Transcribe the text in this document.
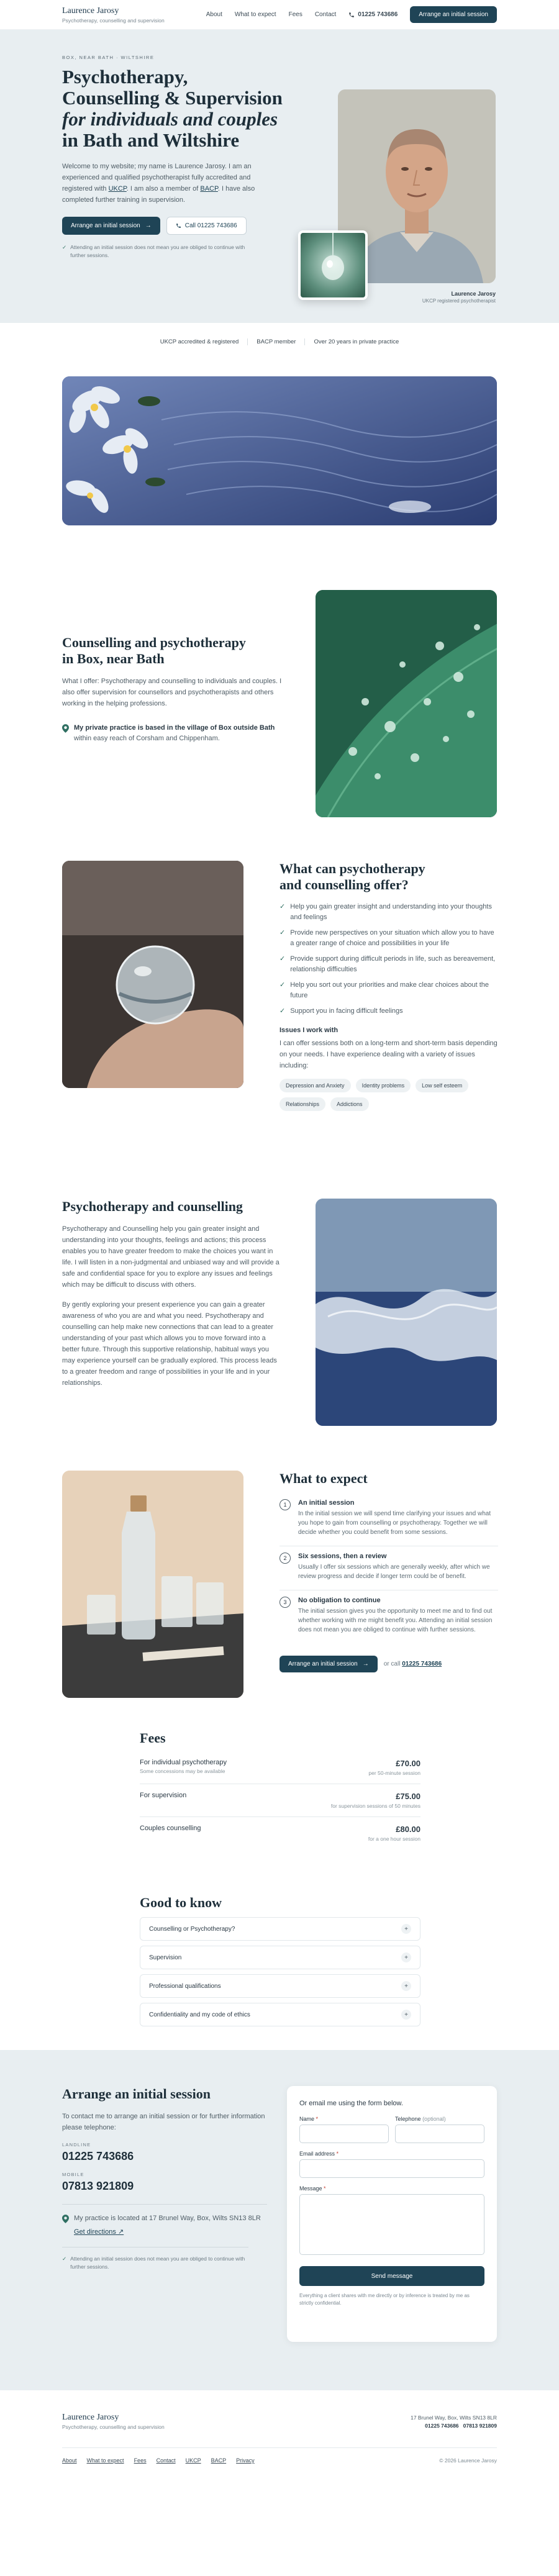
Laurence Jarosy
Psychotherapy, counselling and supervision
About What to expect Fees Contact	01225 743686	Arrange an initial session
BOX, NEAR BATH · WILTSHIRE
Psychotherapy,
Counselling & Supervision
for individuals and couples
in Bath and Wiltshire

Welcome to my website; my name is Laurence Jarosy. I am an experienced and qualified psychotherapist fully accredited and registered with UKCP. I am also a member of BACP. I have also completed further training in supervision.

Arrange an initial session →	Call 01225 743686
✓ Attending an initial session does not mean you are obliged to continue with further sessions.
Laurence Jarosy
UKCP registered psychotherapist
UKCP accredited & registered	BACP member	Over 20 years in private practice
Counselling and psychotherapy
in Box, near Bath

What I offer: Psychotherapy and counselling to individuals and couples. I also offer supervision for counsellors and psychotherapists and others working in the helping professions.

My private practice is based in the village of Box outside Bath within easy reach of Corsham and Chippenham.
What can psychotherapy
and counselling offer?
✓ Help you gain greater insight and understanding into your thoughts and feelings
✓ Provide new perspectives on your situation which allow you to have a greater range of choice and possibilities in your life
✓ Provide support during difficult periods in life, such as bereavement, relationship difficulties
✓ Help you sort out your priorities and make clear choices about the future
✓ Support you in facing difficult feelings
Issues I work with

I can offer sessions both on a long-term and short-term basis depending on your needs. I have experience dealing with a variety of issues including:

Depression and Anxiety	Identity problems	Low self esteem
Relationships	Addictions
Psychotherapy and counselling

Psychotherapy and Counselling help you gain greater insight and understanding into your thoughts, feelings and actions; this process enables you to have greater freedom to make the choices you want in life. I will listen in a non-judgmental and unbiased way and will provide a safe and confidential space for you to explore any issues and feelings which may be difficult to discuss with others.

By gently exploring your present experience you can gain a greater awareness of who you are and what you need. Psychotherapy and counselling can help make new connections that can lead to a greater understanding of your past which allows you to move forward into a better future. Through this supportive relationship, habitual ways you may experience yourself can be gradually explored. This process leads to a greater freedom and range of possibilities in your life and in your relationships.

What to expect
1	An initial session
In the initial session we will spend time clarifying your issues and what you hope to gain from counselling or psychotherapy. Together we will decide whether you could benefit from some sessions.
2	Six sessions, then a review
Usually I offer six sessions which are generally weekly, after which we review progress and decide if longer term could be of benefit.
3	No obligation to continue
The initial session gives you the opportunity to meet me and to find out whether working with me might benefit you. Attending an initial session does not mean you are obliged to continue with further sessions.
Arrange an initial session → or call 01225 743686
Fees
For individual psychotherapy
Some concessions may be available
£70.00
per 50-minute session
For supervision	£75.00
for supervision sessions of 50 minutes
Couples counselling	£80.00
for a one hour session
Good to know
Counselling or Psychotherapy?	+
Supervision	+
Professional qualifications	+
Confidentiality and my code of ethics	+
Arrange an initial session

To contact me to arrange an initial session or for further information please telephone:

LANDLINE
01225 743686
MOBILE
07813 921809
My practice is located at 17 Brunel Way, Box, Wilts SN13 8LR
Get directions ↗
✓ Attending an initial session does not mean you are obliged to continue with further sessions.
Or email me using the form below.
Name *	Telephone (optional)
Email address *
Message *
Send message
Everything a client shares with me directly or by inference is treated by me as strictly confidential.
Laurence Jarosy
Psychotherapy, counselling and supervision
17 Brunel Way, Box, Wilts SN13 8LR
01225 743686 07813 921809
About What to expect Fees Contact UKCP BACP Privacy	© 2026 Laurence Jarosy
